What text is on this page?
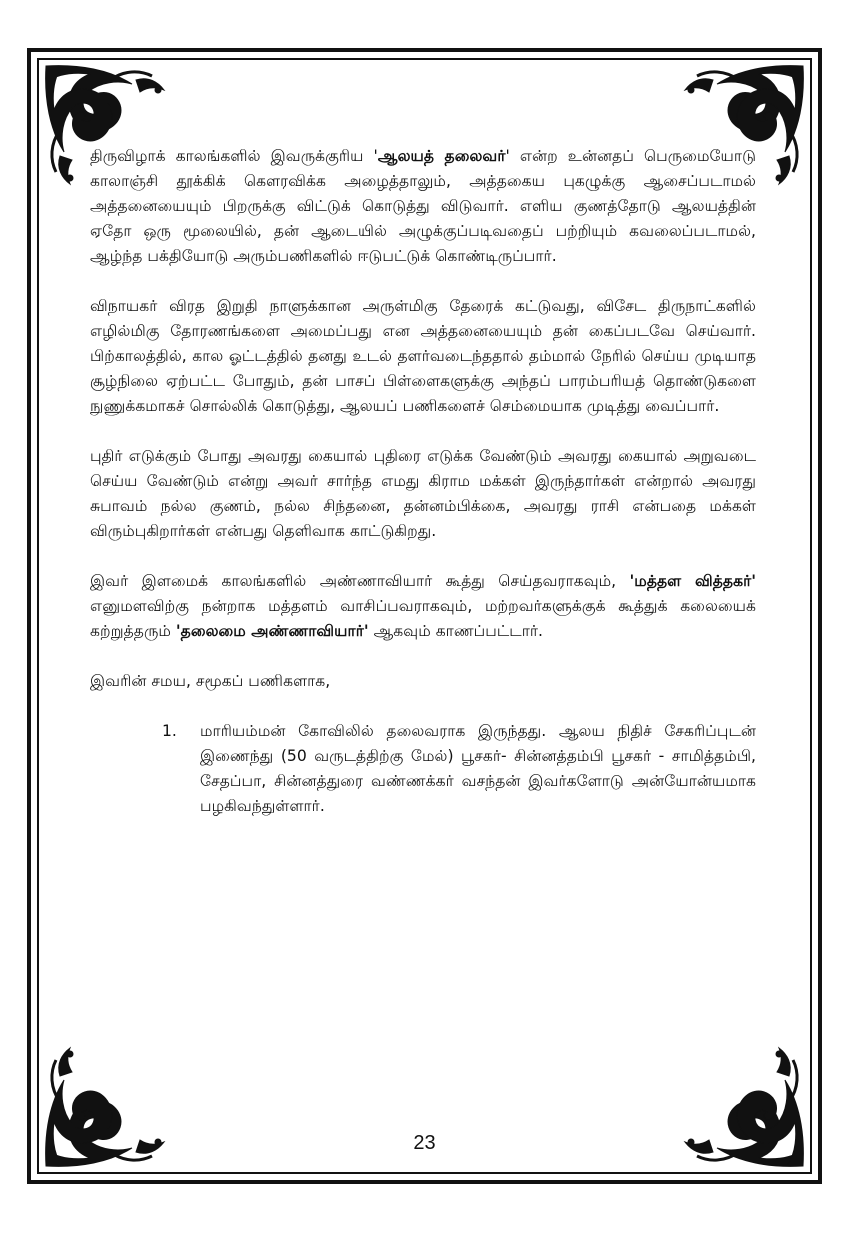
திருவிழாக் காலங்களில் இவருக்குரிய 'ஆலயத் தலைவர்' என்ற உன்னதப் பெருமையோடு காலாஞ்சி தூக்கிக் கௌரவிக்க அழைத்தாலும், அத்தகைய புகழுக்கு ஆசைப்படாமல் அத்தனையையும் பிறருக்கு விட்டுக் கொடுத்து விடுவார். எளிய குணத்தோடு ஆலயத்தின் ஏதோ ஒரு மூலையில், தன் ஆடையில் அழுக்குப்படிவதைப் பற்றியும் கவலைப்படாமல், ஆழ்ந்த பக்தியோடு அரும்பணிகளில் ஈடுபட்டுக் கொண்டிருப்பார்.

விநாயகர் விரத இறுதி நாளுக்கான அருள்மிகு தேரைக் கட்டுவது, விசேட திருநாட்களில் எழில்மிகு தோரணங்களை அமைப்பது என அத்தனையையும் தன் கைப்படவே செய்வார். பிற்காலத்தில், கால ஓட்டத்தில் தனது உடல் தளர்வடைந்ததால் தம்மால் நேரில் செய்ய முடியாத சூழ்நிலை ஏற்பட்ட போதும், தன் பாசப் பிள்ளைகளுக்கு அந்தப் பாரம்பரியத் தொண்டுகளை நுணுக்கமாகச் சொல்லிக் கொடுத்து, ஆலயப் பணிகளைச் செம்மையாக முடித்து வைப்பார்.

புதிர் எடுக்கும் போது அவரது கையால் புதிரை எடுக்க வேண்டும் அவரது கையால் அறுவடை செய்ய வேண்டும் என்று அவர் சார்ந்த எமது கிராம மக்கள் இருந்தார்கள் என்றால் அவரது சுபாவம் நல்ல குணம், நல்ல சிந்தனை, தன்னம்பிக்கை, அவரது ராசி என்பதை மக்கள் விரும்புகிறார்கள் என்பது தெளிவாக காட்டுகிறது.

இவர் இளமைக் காலங்களில் அண்ணாவியார் கூத்து செய்தவராகவும், 'மத்தள வித்தகர்' எனுமளவிற்கு நன்றாக மத்தளம் வாசிப்பவராகவும், மற்றவர்களுக்குக் கூத்துக் கலையைக் கற்றுத்தரும் 'தலைமை அண்ணாவியார்' ஆகவும் காணப்பட்டார்.

இவரின் சமய, சமூகப் பணிகளாக,

1. மாரியம்மன் கோவிலில் தலைவராக இருந்தது. ஆலய நிதிச் சேகரிப்புடன் இணைந்து (50 வருடத்திற்கு மேல்) பூசகர்- சின்னத்தம்பி பூசகர் - சாமித்தம்பி, சேதப்பா, சின்னத்துரை வண்ணக்கர் வசந்தன் இவர்களோடு அன்யோன்யமாக பழகிவந்துள்ளார்.
23
